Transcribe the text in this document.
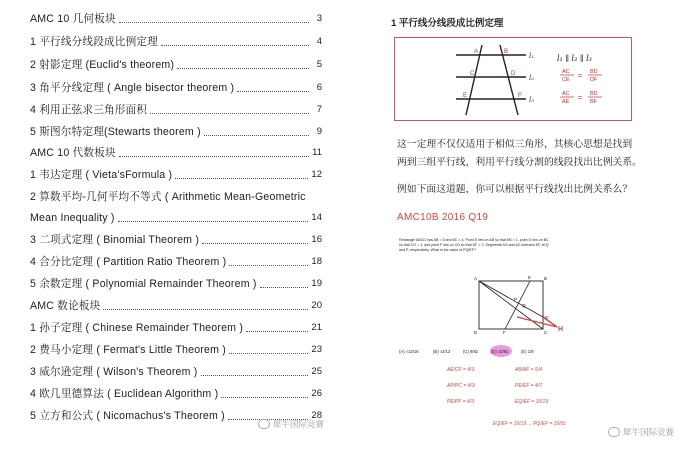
AMC 10 几何板块	3
1 平行线分线段成比例定理	4
2 射影定理 (Euclid's theorem)	5
3 角平分线定理 ( Angle bisector theorem )	6
4 利用正弦求三角形面积	7
5 斯图尔特定理(Stewarts theorem )	9
AMC 10 代数板块	11
1 韦达定理 ( Vieta'sFormula )	12
2 算数平均-几何平均不等式 ( Arithmetic Mean-Geometric
Mean Inequality )	14
3 二项式定理 ( Binomial Theorem )	16
4 合分比定理 ( Partition Ratio Theorem )	18
5 余数定理 ( Polynomial Remainder Theorem )	19
AMC 数论板块	20
1 孙子定理 ( Chinese Remainder Theorem )	21
2 费马小定理 ( Fermat's Little Theorem )	23
3 威尔逊定理 ( Wilson's Theorem )	25
4 欧几里德算法 ( Euclidean Algorithm )	26
5 立方和公式 ( Nicomachus's Theorem )	28
犀牛国际竞赛
1 平行线分线段成比例定理
A	B
C	D
E	F
l₁
l₂
l₃
l₁ ∥ l₂ ∥ l₃
AC
CE =
BD
DF
AC
AE =
BD
BF
这一定理不仅仅适用于相似三角形，其核心思想是找到
两到三组平行线，利用平行线分割的线段找出比例关系。
例如下面这道题，你可以根据平行线找出比例关系么？
AMC10B 2016 Q19
Rectangle ABCD has AB = 5 and BC = 4. Point E lies on AB so that EB = 1, point G lies on BC
so that CG = 1, and point F lies on CD so that DF = 2. Segments AG and AC intersect EF at Q
and P, respectively. What is the value of PQ/EF?
A	B
C
D
E
F
G
P
Q
H
(A) √13/16	(B) √2/13	(C) 9/82	(D) 10/91	(E) 1/9
AE/CF = 4/3
AP/PC = 4/3
PE/PF = 4/3
AB/AF = 5/4
PE/EF = 4/7
EQ/EF = 10/19
EQ/EF = 10/19 ... PQ/EF = 10/91
犀牛国际竞赛
